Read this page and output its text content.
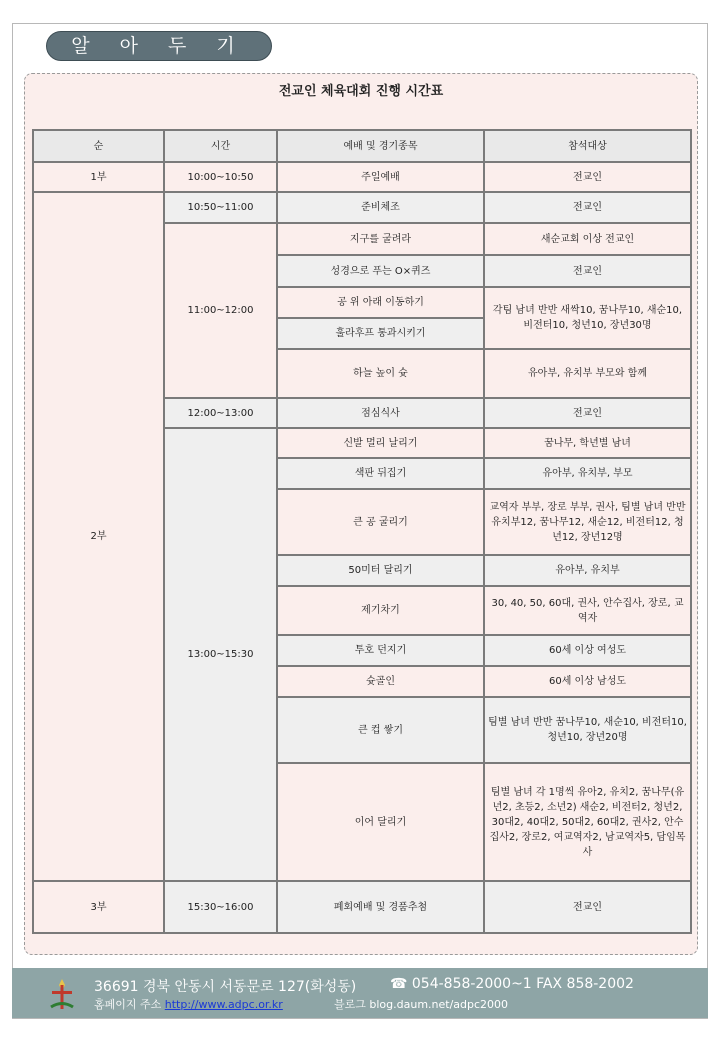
알 아 두 기
전교인 체육대회 진행 시간표
순	시간	예배 및 경기종목	참석대상
1부	10:00~10:50	주일예배	전교인
2부	10:50~11:00	준비체조	전교인
	11:00~12:00	지구를 굴려라	새순교회 이상 전교인
		성경으로 푸는 O×퀴즈	전교인
		공 위 아래 이동하기	각팀 남녀 반반 새싹10, 꿈나무10, 새순10, 비전터10, 청년10, 장년30명
		훌라후프 통과시키기	
		하늘 높이 슛	유아부, 유치부 부모와 함께
	12:00~13:00	점심식사	전교인
	13:00~15:30	신발 멀리 날리기	꿈나무, 학년별 남녀
		색판 뒤집기	유아부, 유치부, 부모
		큰 공 굴리기	교역자 부부, 장로 부부, 권사, 팀별 남녀 반반 유치부12, 꿈나무12, 새순12, 비전터12, 청년12, 장년12명
		50미터 달리기	유아부, 유치부
		제기차기	30, 40, 50, 60대, 권사, 안수집사, 장로, 교역자
		투호 던지기	60세 이상 여성도
		슛골인	60세 이상 남성도
		큰 컵 쌓기	팀별 남녀 반반 꿈나무10, 새순10, 비전터10, 청년10, 장년20명
		이어 달리기	팀별 남녀 각 1명씩 유아2, 유치2, 꿈나무(유년2, 초등2, 소년2) 새순2, 비전터2, 청년2, 30대2, 40대2, 50대2, 60대2, 권사2, 안수집사2, 장로2, 여교역자2, 남교역자5, 담임목사
3부	15:30~16:00	폐회예배 및 경품추첨	전교인
36691 경북 안동시 서동문로 127(화성동) ☎ 054-858-2000~1 FAX 858-2002
홈페이지 주소 http://www.adpc.or.kr	블로그 blog.daum.net/adpc2000
